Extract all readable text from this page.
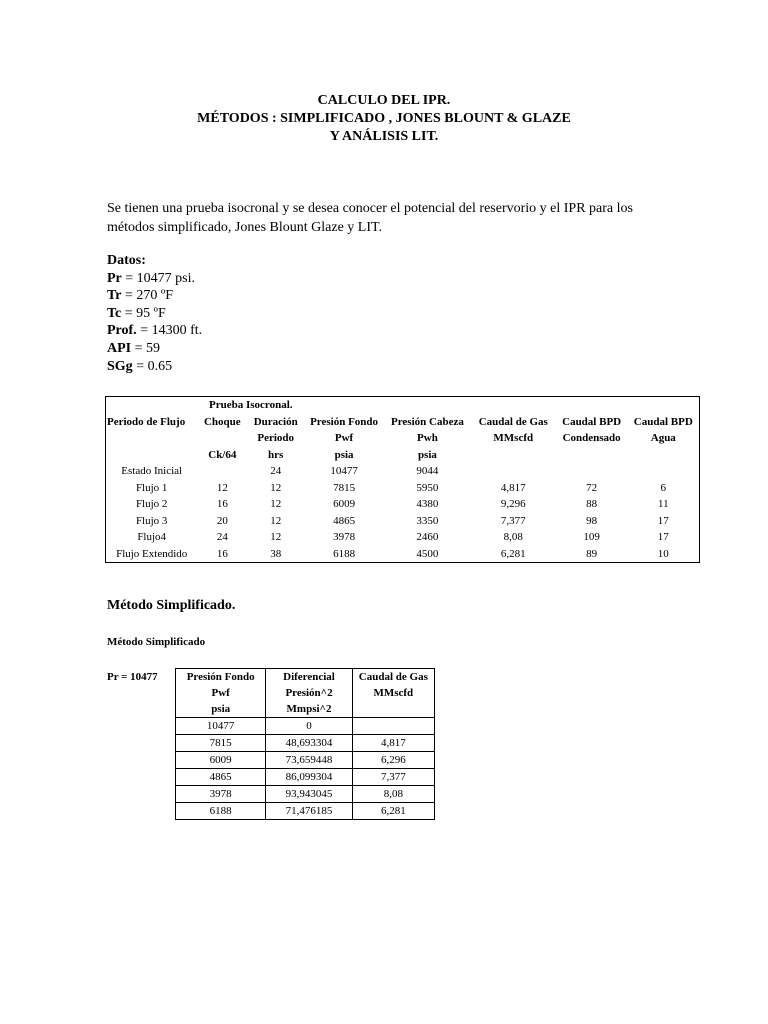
CALCULO DEL IPR.
MÉTODOS : SIMPLIFICADO , JONES BLOUNT & GLAZE
Y ANÁLISIS LIT.
Se tienen una prueba isocronal y se desea conocer el potencial del reservorio y el IPR para los métodos simplificado, Jones Blount Glaze y LIT.
Datos:
Pr = 10477 psi.
Tr = 270 ºF
Tc = 95 ºF
Prof. = 14300 ft.
API = 59
SGg = 0.65
	Prueba Isocronal.						
Periodo de Flujo	Choque	Duración	Presión Fondo	Presión Cabeza	Caudal de Gas	Caudal BPD	Caudal BPD
		Periodo	Pwf	Pwh	MMscfd	Condensado	Agua
	Ck/64	hrs	psia	psia			
Estado Inicial		24	10477	9044			
Flujo 1	12	12	7815	5950	4,817	72	6
Flujo 2	16	12	6009	4380	9,296	88	11
Flujo 3	20	12	4865	3350	7,377	98	17
Flujo4	24	12	3978	2460	8,08	109	17
Flujo Extendido	16	38	6188	4500	6,281	89	10
Método Simplificado.
Método Simplificado
Pr = 10477	Presión Fondo	Diferencial	Caudal de Gas
Pwf	Presión^2	MMscfd
psia	Mmpsi^2	
10477	0	
7815	48,693304	4,817
6009	73,659448	6,296
4865	86,099304	7,377
3978	93,943045	8,08
6188	71,476185	6,281
